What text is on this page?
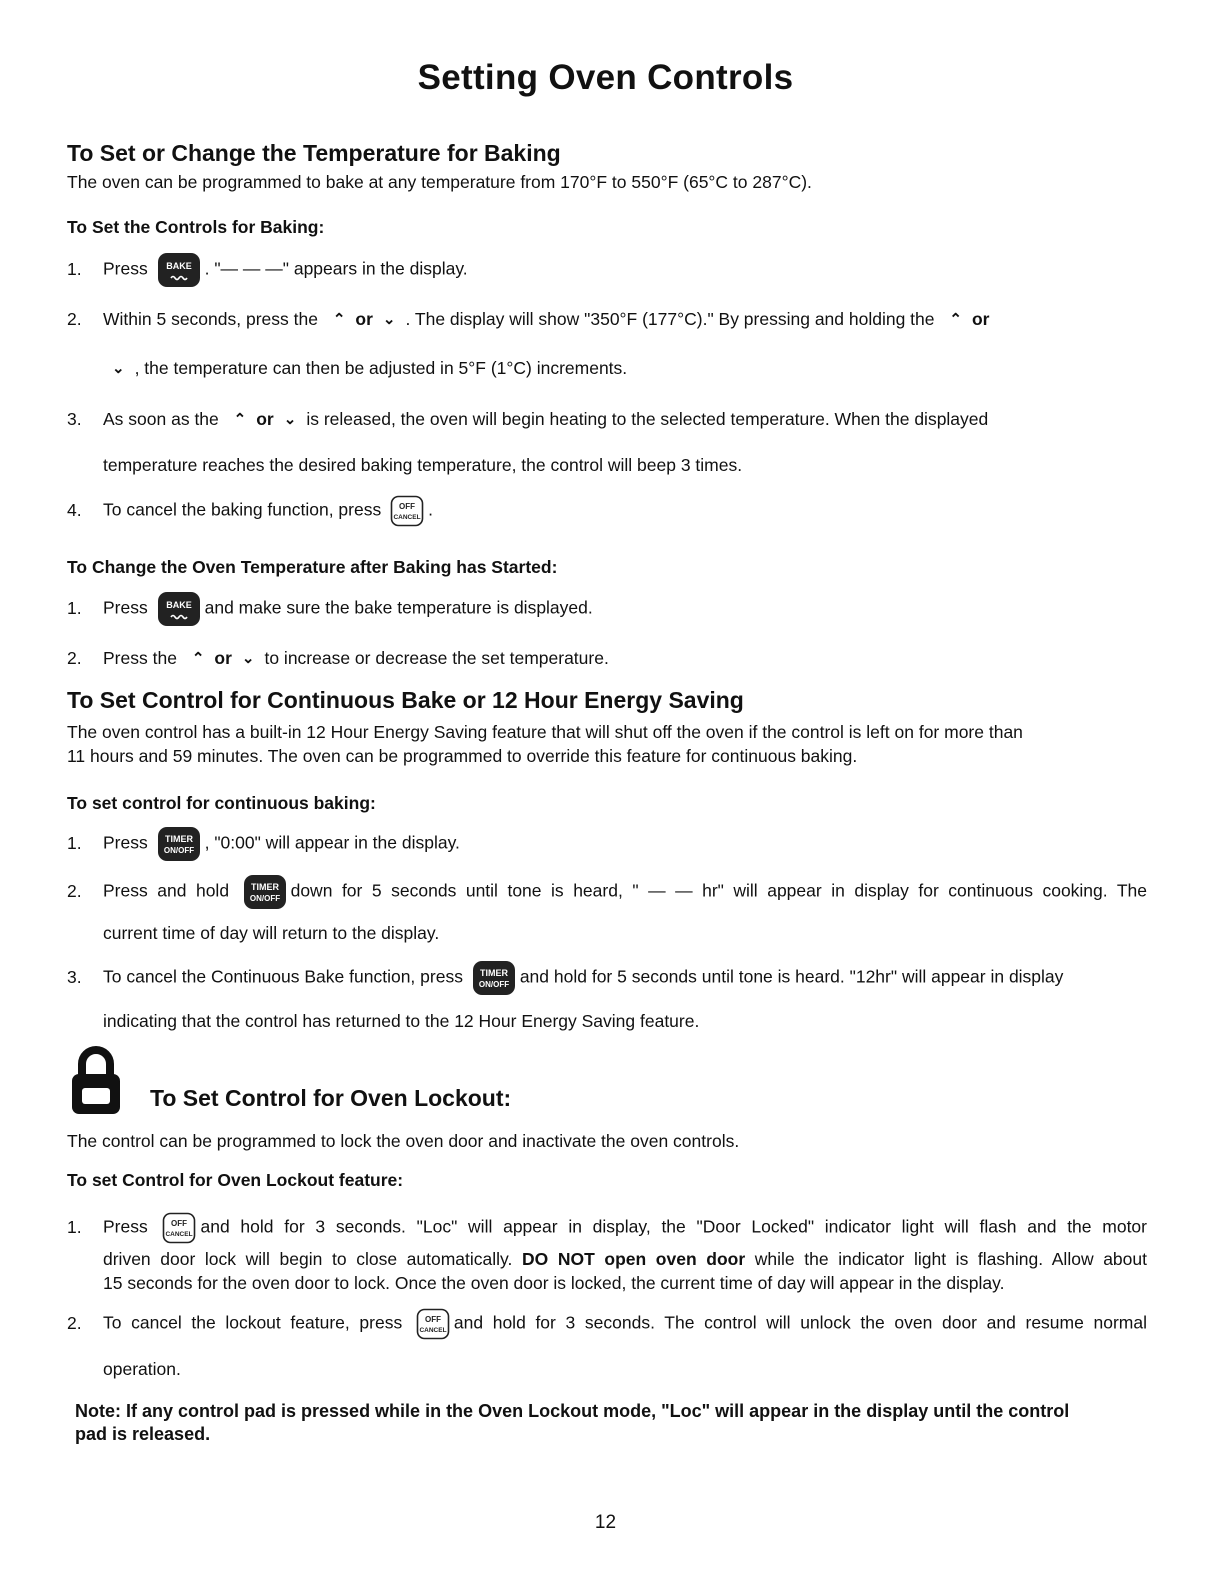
Setting Oven Controls
To Set or Change the Temperature for Baking
The oven can be programmed to bake at any temperature from 170°F to 550°F (65°C to 287°C).
To Set the Controls for Baking:
1. Press	. "— — —" appears in the display.
2. Within 5 seconds, press the ⌃ or ⌄ . The display will show "350°F (177°C)." By pressing and holding the ⌃ or
⌄ , the temperature can then be adjusted in 5°F (1°C) increments.
3. As soon as the ⌃ or ⌄ is released, the oven will begin heating to the selected temperature. When the displayed
temperature reaches the desired baking temperature, the control will beep 3 times.
4. To cancel the baking function, press	.
To Change the Oven Temperature after Baking has Started:
1. Press	and make sure the bake temperature is displayed.
2. Press the ⌃ or ⌄ to increase or decrease the set temperature.
To Set Control for Continuous Bake or 12 Hour Energy Saving
The oven control has a built-in 12 Hour Energy Saving feature that will shut off the oven if the control is left on for more than
11 hours and 59 minutes. The oven can be programmed to override this feature for continuous baking.
To set control for continuous baking:
1. Press	, "0:00" will appear in the display.
2. Press and hold	down for 5 seconds until tone is heard, " — — hr" will appear in display for continuous cooking. The
current time of day will return to the display.
3. To cancel the Continuous Bake function, press	and hold for 5 seconds until tone is heard. "12hr" will appear in display
indicating that the control has returned to the 12 Hour Energy Saving feature.
To Set Control for Oven Lockout:
The control can be programmed to lock the oven door and inactivate the oven controls.
To set Control for Oven Lockout feature:
1. Press	and hold for 3 seconds. "Loc" will appear in display, the "Door Locked" indicator light will flash and the motor
driven door lock will begin to close automatically. DO NOT open oven door while the indicator light is flashing. Allow about
15 seconds for the oven door to lock. Once the oven door is locked, the current time of day will appear in the display.
2. To cancel the lockout feature, press	and hold for 3 seconds. The control will unlock the oven door and resume normal
operation.
Note: If any control pad is pressed while in the Oven Lockout mode, "Loc" will appear in the display until the control
pad is released.
12
